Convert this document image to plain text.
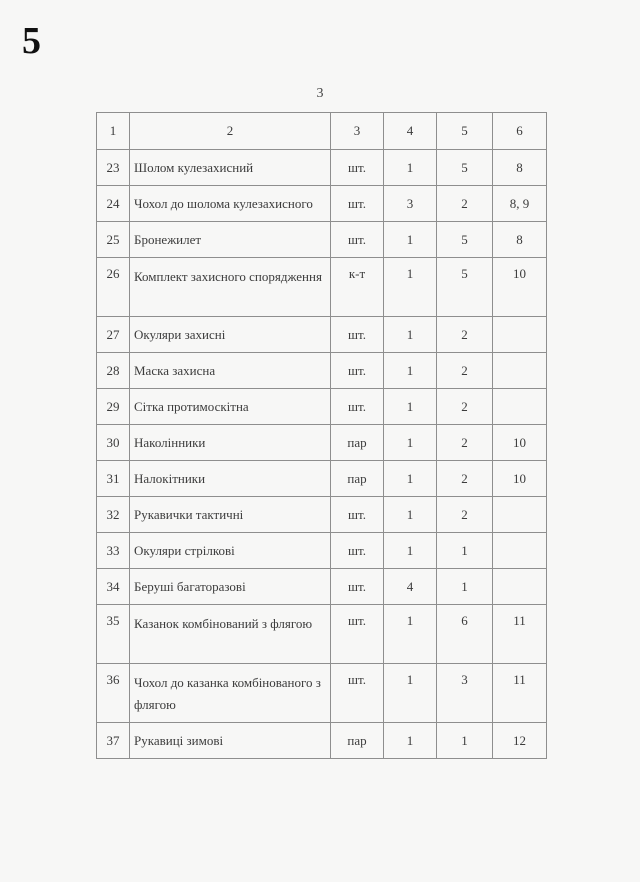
5
3
1	2	3	4	5	6
23	Шолом кулезахисний	шт.	1	5	8
24	Чохол до шолома кулезахисного	шт.	3	2	8, 9
25	Бронежилет	шт.	1	5	8
26	Комплект захисного спорядження	к-т	1	5	10
27	Окуляри захисні	шт.	1	2	
28	Маска захисна	шт.	1	2	
29	Сітка протимоскітна	шт.	1	2	
30	Наколінники	пар	1	2	10
31	Налокітники	пар	1	2	10
32	Рукавички тактичні	шт.	1	2	
33	Окуляри стрілкові	шт.	1	1	
34	Беруші багаторазові	шт.	4	1	
35	Казанок комбінований з флягою	шт.	1	6	11
36	Чохол до казанка комбінованого з флягою	шт.	1	3	11
37	Рукавиці зимові	пар	1	1	12
